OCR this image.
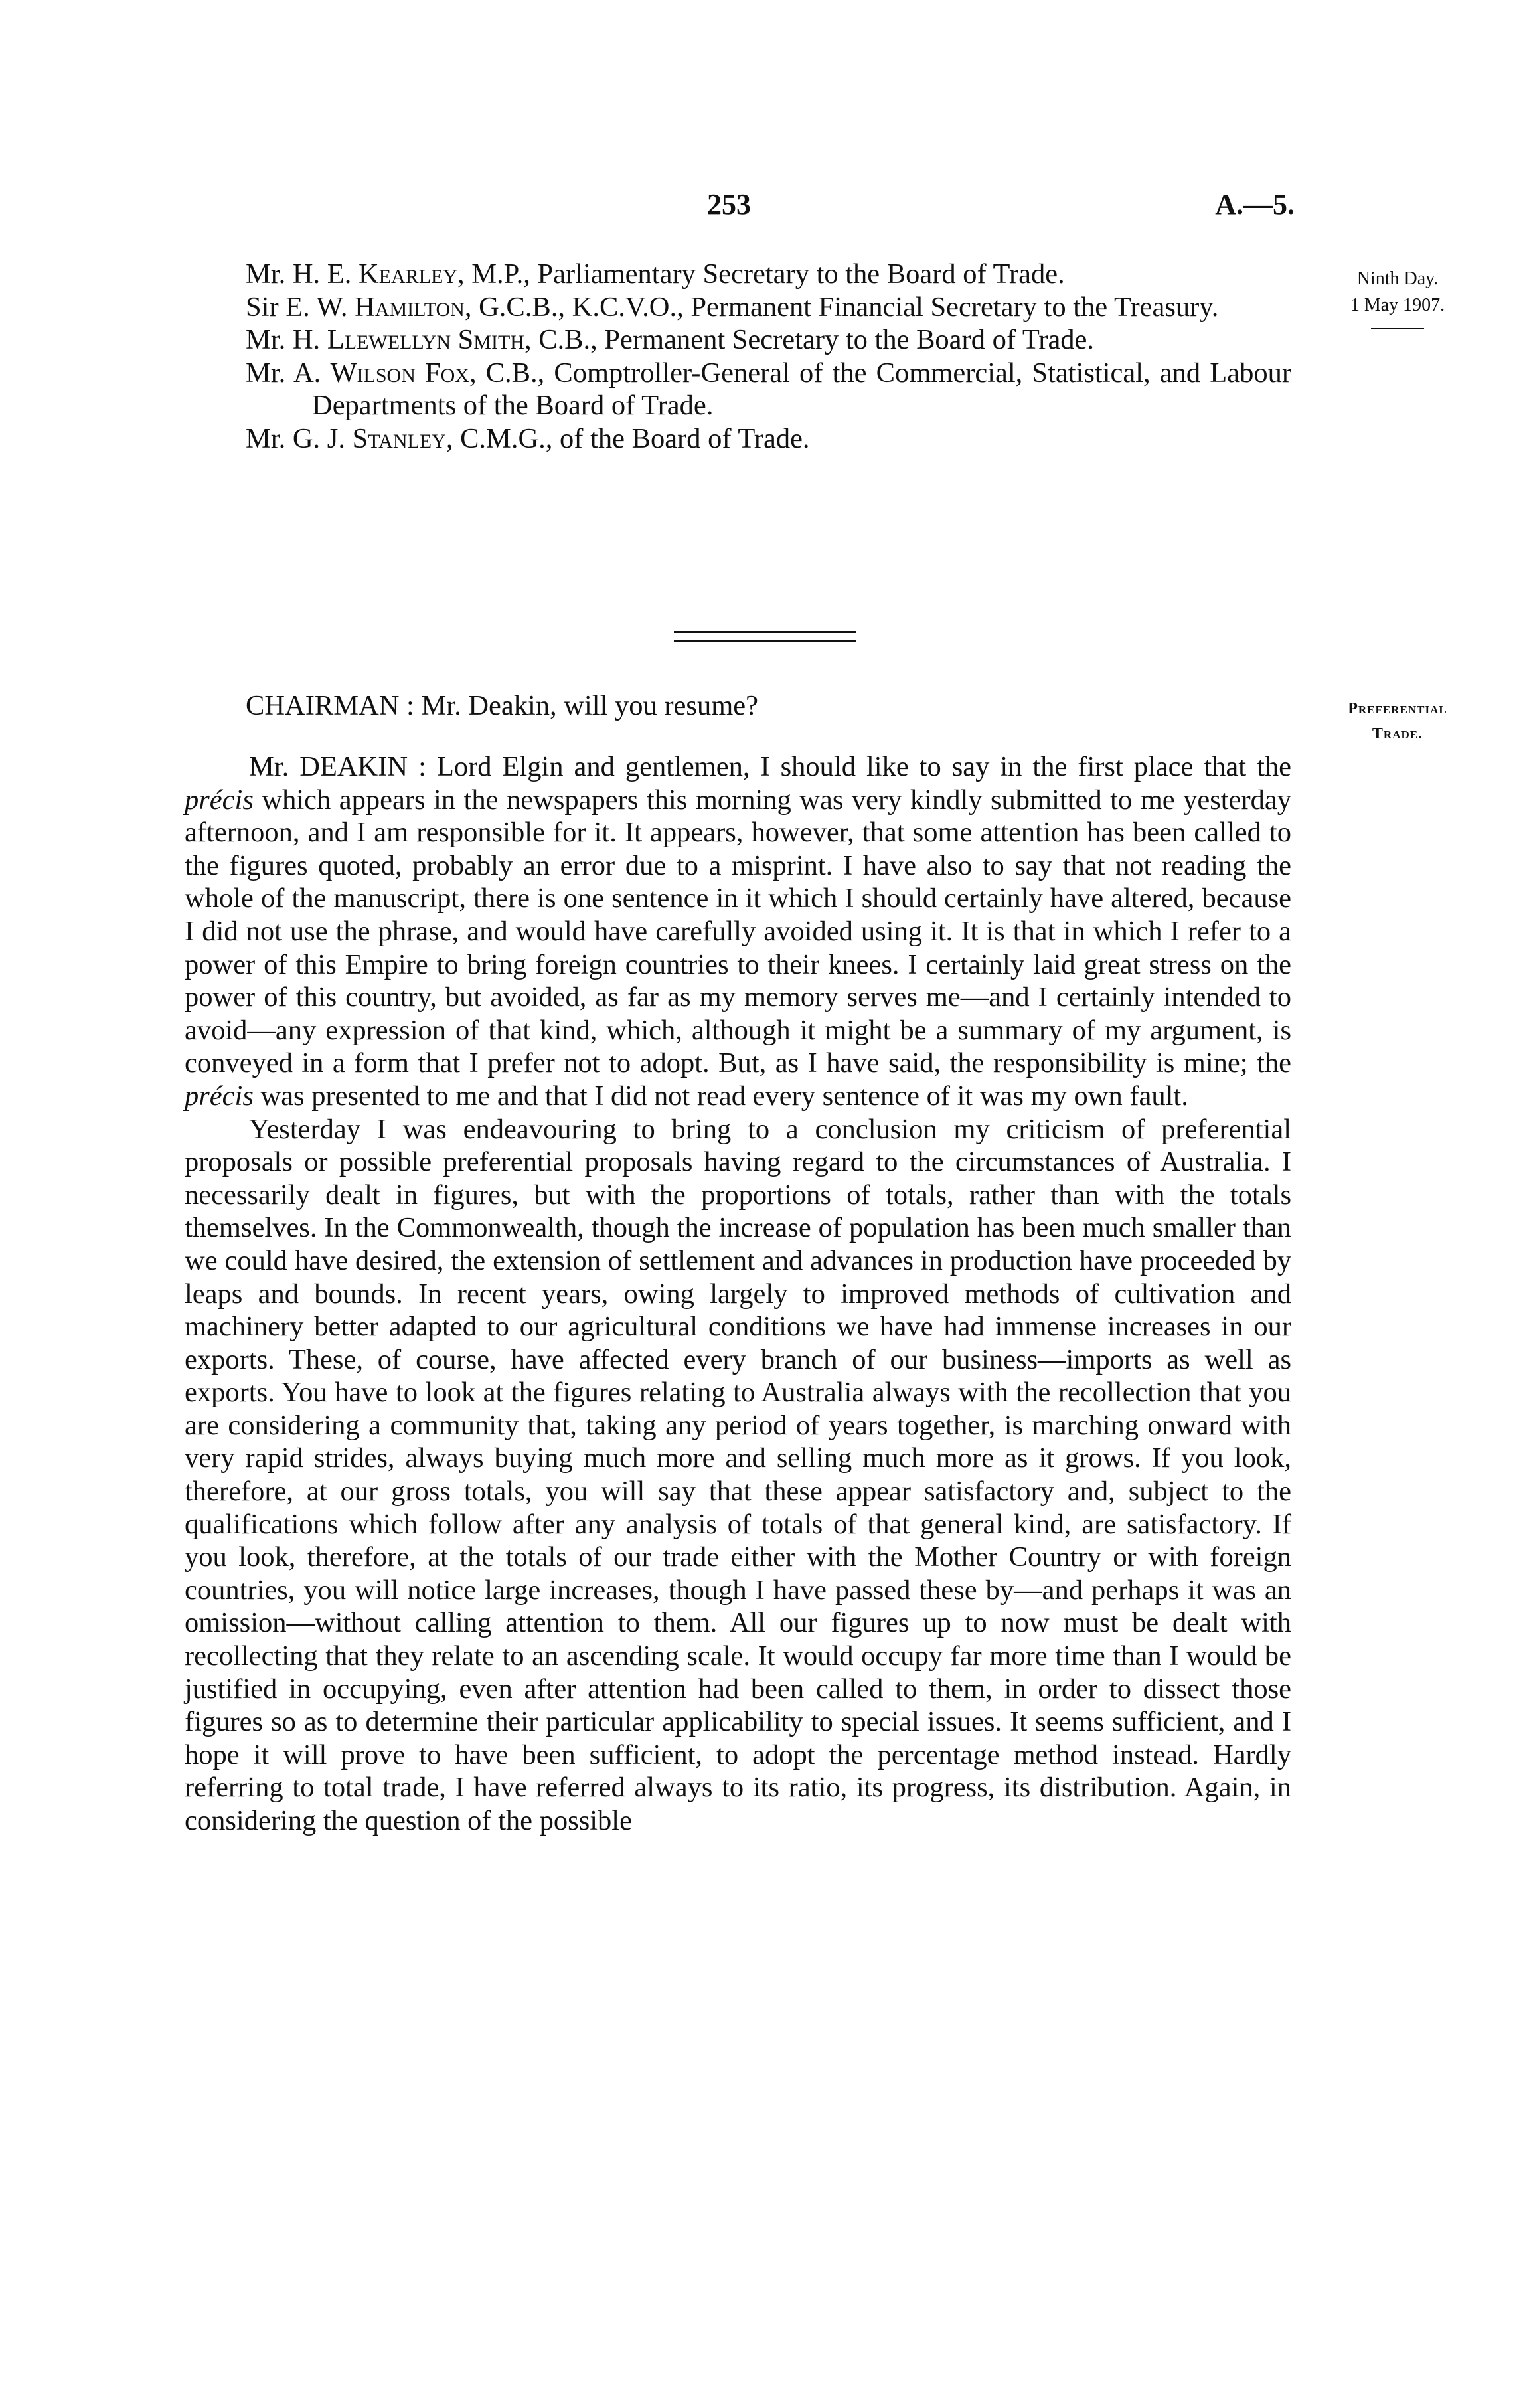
253	A.—5.
Ninth Day.
1 May 1907.
Mr. H. E. Kearley, M.P., Parliamentary Secretary to the Board of Trade.
Sir E. W. Hamilton, G.C.B., K.C.V.O., Permanent Financial Secretary to the Treasury.
Mr. H. Llewellyn Smith, C.B., Permanent Secretary to the Board of Trade.
Mr. A. Wilson Fox, C.B., Comptroller-General of the Commercial, Statistical, and Labour Departments of the Board of Trade.
Mr. G. J. Stanley, C.M.G., of the Board of Trade.
Preferential
Trade.
CHAIRMAN : Mr. Deakin, will you resume?

Mr. DEAKIN : Lord Elgin and gentlemen, I should like to say in the first place that the précis which appears in the newspapers this morning was very kindly submitted to me yesterday afternoon, and I am responsible for it. It appears, however, that some attention has been called to the figures quoted, probably an error due to a misprint. I have also to say that not reading the whole of the manuscript, there is one sentence in it which I should certainly have altered, because I did not use the phrase, and would have carefully avoided using it. It is that in which I refer to a power of this Empire to bring foreign countries to their knees. I certainly laid great stress on the power of this country, but avoided, as far as my memory serves me—and I certainly intended to avoid—any expression of that kind, which, although it might be a summary of my argument, is conveyed in a form that I prefer not to adopt. But, as I have said, the responsibility is mine; the précis was presented to me and that I did not read every sentence of it was my own fault.

Yesterday I was endeavouring to bring to a conclusion my criticism of preferential proposals or possible preferential proposals having regard to the circumstances of Australia. I necessarily dealt in figures, but with the proportions of totals, rather than with the totals themselves. In the Commonwealth, though the increase of population has been much smaller than we could have desired, the extension of settlement and advances in production have proceeded by leaps and bounds. In recent years, owing largely to improved methods of cultivation and machinery better adapted to our agricultural conditions we have had immense increases in our exports. These, of course, have affected every branch of our business—imports as well as exports. You have to look at the figures relating to Australia always with the recollection that you are considering a community that, taking any period of years together, is marching onward with very rapid strides, always buying much more and selling much more as it grows. If you look, therefore, at our gross totals, you will say that these appear satisfactory and, subject to the qualifications which follow after any analysis of totals of that general kind, are satisfactory. If you look, therefore, at the totals of our trade either with the Mother Country or with foreign countries, you will notice large increases, though I have passed these by—and perhaps it was an omission—without calling attention to them. All our figures up to now must be dealt with recollecting that they relate to an ascending scale. It would occupy far more time than I would be justified in occupying, even after attention had been called to them, in order to dissect those figures so as to determine their particular applicability to special issues. It seems sufficient, and I hope it will prove to have been sufficient, to adopt the percentage method instead. Hardly referring to total trade, I have referred always to its ratio, its progress, its distribution. Again, in considering the question of the possible
